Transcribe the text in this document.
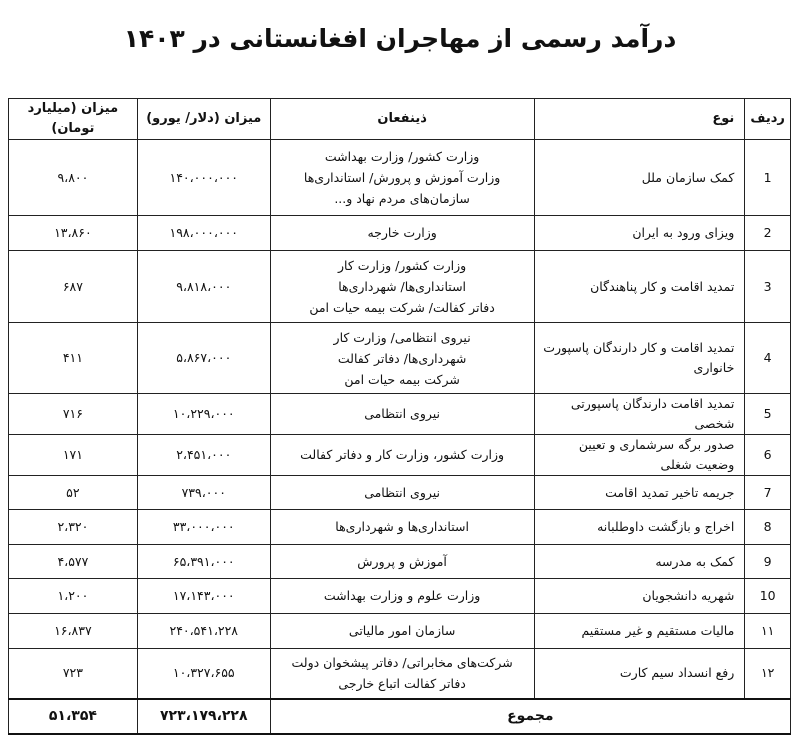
درآمد رسمی از مهاجران افغانستانی در ۱۴۰۳
ردیف	نوع	ذینفعان	میزان (دلار/ یورو)	میزان (میلیارد تومان)
1	کمک سازمان ملل	وزارت کشور/ وزارت بهداشت
وزارت آموزش و پرورش/ استانداری‌ها
سازمان‌های مردم نهاد و...	۱۴۰،۰۰۰،۰۰۰	۹،۸۰۰
2	ویزای ورود به ایران	وزارت خارجه	۱۹۸،۰۰۰،۰۰۰	۱۳،۸۶۰
3	تمدید اقامت و کار پناهندگان	وزارت کشور/ وزارت کار
استانداری‌ها/ شهرداری‌ها
دفاتر کفالت/ شرکت بیمه حیات امن	۹،۸۱۸،۰۰۰	۶۸۷
4	تمدید اقامت و کار دارندگان پاسپورت خانواری	نیروی انتظامی/ وزارت کار
شهرداری‌ها/ دفاتر کفالت
شرکت بیمه حیات امن	۵،۸۶۷،۰۰۰	۴۱۱
5	تمدید اقامت دارندگان پاسپورتی شخصی	نیروی انتظامی	۱۰،۲۲۹،۰۰۰	۷۱۶
6	صدور برگه سرشماری و تعیین وضعیت شغلی	وزارت کشور، وزارت کار و دفاتر کفالت	۲،۴۵۱،۰۰۰	۱۷۱
7	جریمه تاخیر تمدید اقامت	نیروی انتظامی	۷۳۹،۰۰۰	۵۲
8	اخراج و بازگشت داوطلبانه	استانداری‌ها و شهرداری‌ها	۳۳،۰۰۰،۰۰۰	۲،۳۲۰
9	کمک به مدرسه	آموزش و پرورش	۶۵،۳۹۱،۰۰۰	۴،۵۷۷
10	شهریه دانشجویان	وزارت علوم و وزارت بهداشت	۱۷،۱۴۳،۰۰۰	۱،۲۰۰
۱۱	مالیات مستقیم و غیر مستقیم	سازمان امور مالیاتی	۲۴۰،۵۴۱،۲۲۸	۱۶،۸۳۷
۱۲	رفع انسداد سیم کارت	شرکت‌های مخابراتی/ دفاتر پیشخوان دولت
دفاتر کفالت اتباع خارجی	۱۰،۳۲۷،۶۵۵	۷۲۳
مجموع			۷۲۳،۱۷۹،۲۲۸	۵۱،۳۵۴
